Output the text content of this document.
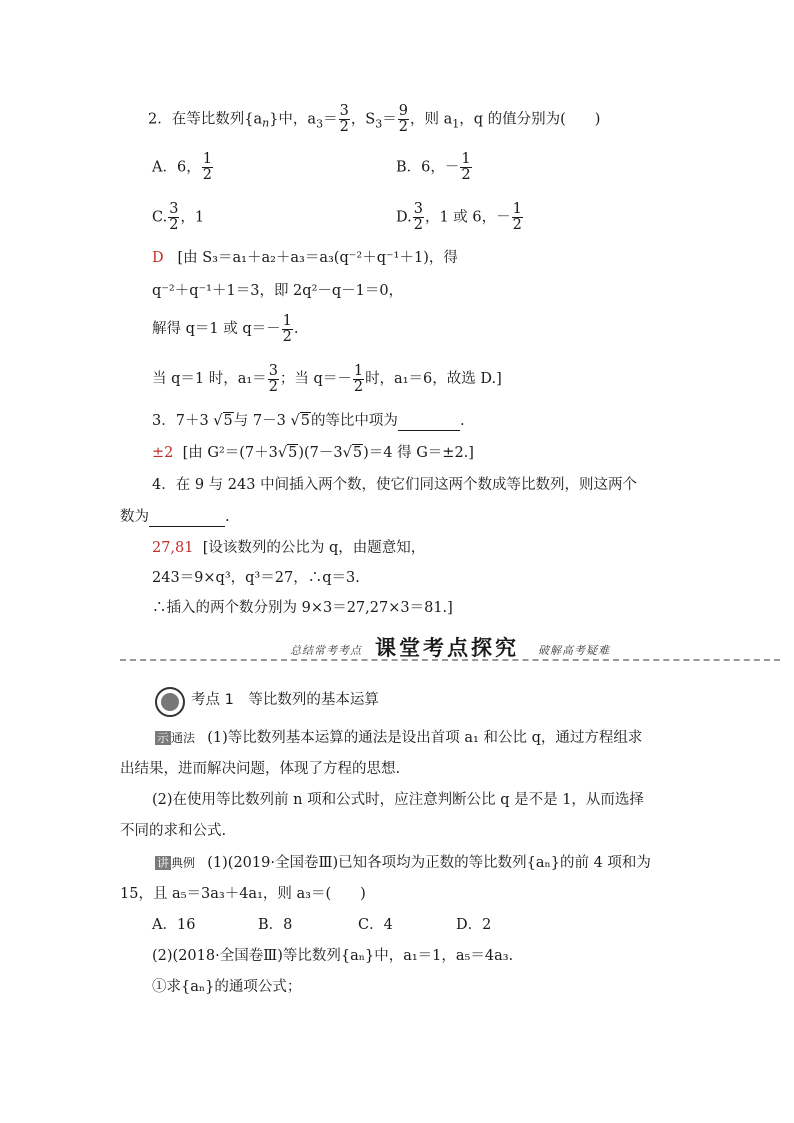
2．在等比数列$\{a_n\}$中，$a_3= \frac{3}{2}$ ，$S_3= \frac{9}{2}$ ，则 $a_1$，q 的值分别为(　　)
A．6， $\frac{1}{2}$	B．6，－ $\frac{1}{2}$
C. $\frac{3}{2}$ ，1	D. $\frac{3}{2}$ ，1 或 6，－ $\frac{1}{2}$
D [由 S₃＝a₁＋a₂＋a₃＝a₃(q⁻²＋q⁻¹＋1)，得
q⁻²＋q⁻¹＋1＝3，即 2q²－q－1＝0，
解得 q＝1 或 $q=- \frac{1}{2}$ .
当 q＝1 时，$a_1= \frac{3}{2}$ ；当 $q=- \frac{1}{2}$ 时，a₁＝6，故选 D.]
3．7＋3 √5与 7－3 √5的等比中项为	.
±2 [由 G²＝(7＋3√5)(7－3√5)＝4 得 G＝±2.]
4．在 9 与 243 中间插入两个数，使它们同这两个数成等比数列，则这两个
数为	.
27,81 [设该数列的公比为 q，由题意知，
243＝9×q³，q³＝27，∴q＝3.
∴插入的两个数分别为 9×3＝27,27×3＝81.]
总结常考考点 课堂考点探究 破解高考疑难
考点 1　等比数列的基本运算
示 通法 (1)等比数列基本运算的通法是设出首项 a₁ 和公比 q，通过方程组求
出结果，进而解决问题，体现了方程的思想.
(2)在使用等比数列前 n 项和公式时，应注意判断公比 q 是不是 1，从而选择
不同的求和公式.
讲 典例 (1)(2019·全国卷Ⅲ)已知各项均为正数的等比数列{aₙ}的前 4 项和为
15，且 a₅＝3a₃＋4a₁，则 a₃＝(　　)
A．16	B．8	C．4	D．2
(2)(2018·全国卷Ⅲ)等比数列{aₙ}中，a₁＝1，a₅＝4a₃.
①求{aₙ}的通项公式；
